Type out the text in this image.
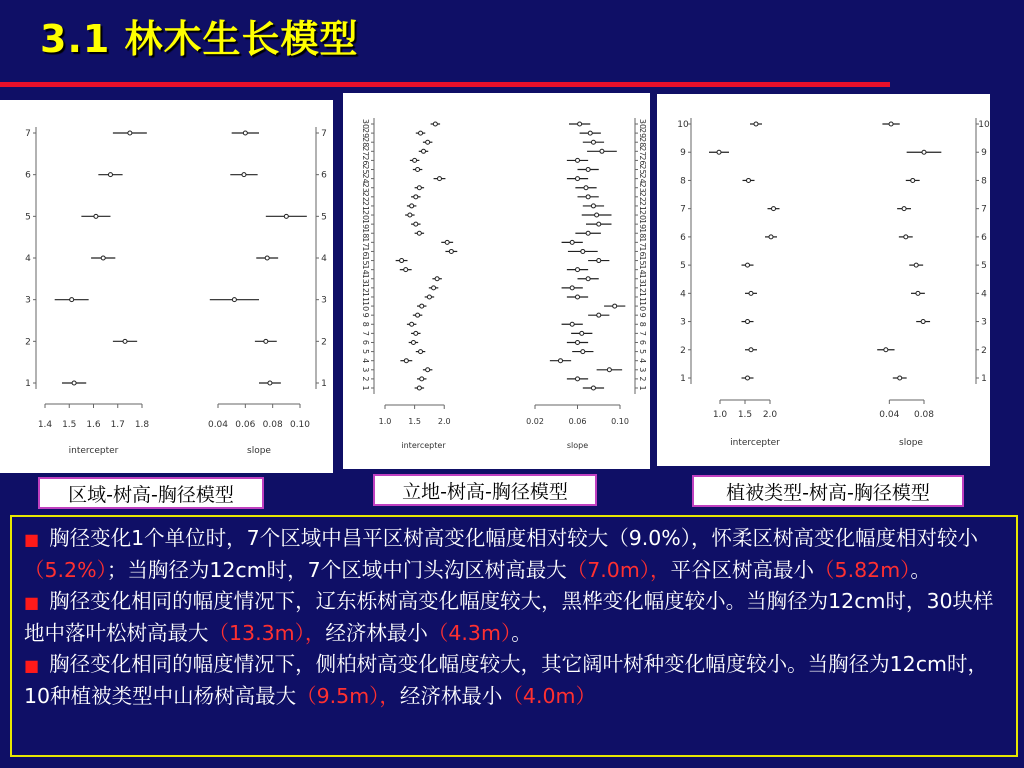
3.1 林木生长模型
1	1
2	2
3	3
4	4
5	5
6	6
7	7
1.4 1.5 1.6 1.7 1.8	0.04 0.06 0.08 0.10
intercepter	slope
1	1
2	2
3	3
4	4
5	5
6	6
7	7
8	8
9	9
10	10
11	11
12	12
13	13
14	14
15	15
16	16
17	17
18	18
19	19
20	20
21	21
22	22
23	23
24	24
25	25
26	26
27	27
28	28
29	29
30	30
1.0 1.5 2.0	0.02	0.06	0.10
intercepter	slope
1	1
2	2
3	3
4	4
5	5
6	6
7	7
8	8
9	9
10	10
1.0 1.5 2.0	0.04 0.08
intercepter	slope
区域-树高-胸径模型	立地-树高-胸径模型	植被类型-树高-胸径模型

■ 胸径变化1个单位时，7个区域中昌平区树高变化幅度相对较大（9.0%），怀柔区树高变化幅度相对较小（5.2%）；当胸径为12cm时，7个区域中门头沟区树高最大（7.0m），平谷区树高最小（5.82m）。

■ 胸径变化相同的幅度情况下，辽东栎树高变化幅度较大，黑桦变化幅度较小。当胸径为12cm时，30块样地中落叶松树高最大（13.3m），经济林最小（4.3m）。

■ 胸径变化相同的幅度情况下，侧柏树高变化幅度较大，其它阔叶树种变化幅度较小。当胸径为12cm时，10种植被类型中山杨树高最大（9.5m），经济林最小（4.0m）
